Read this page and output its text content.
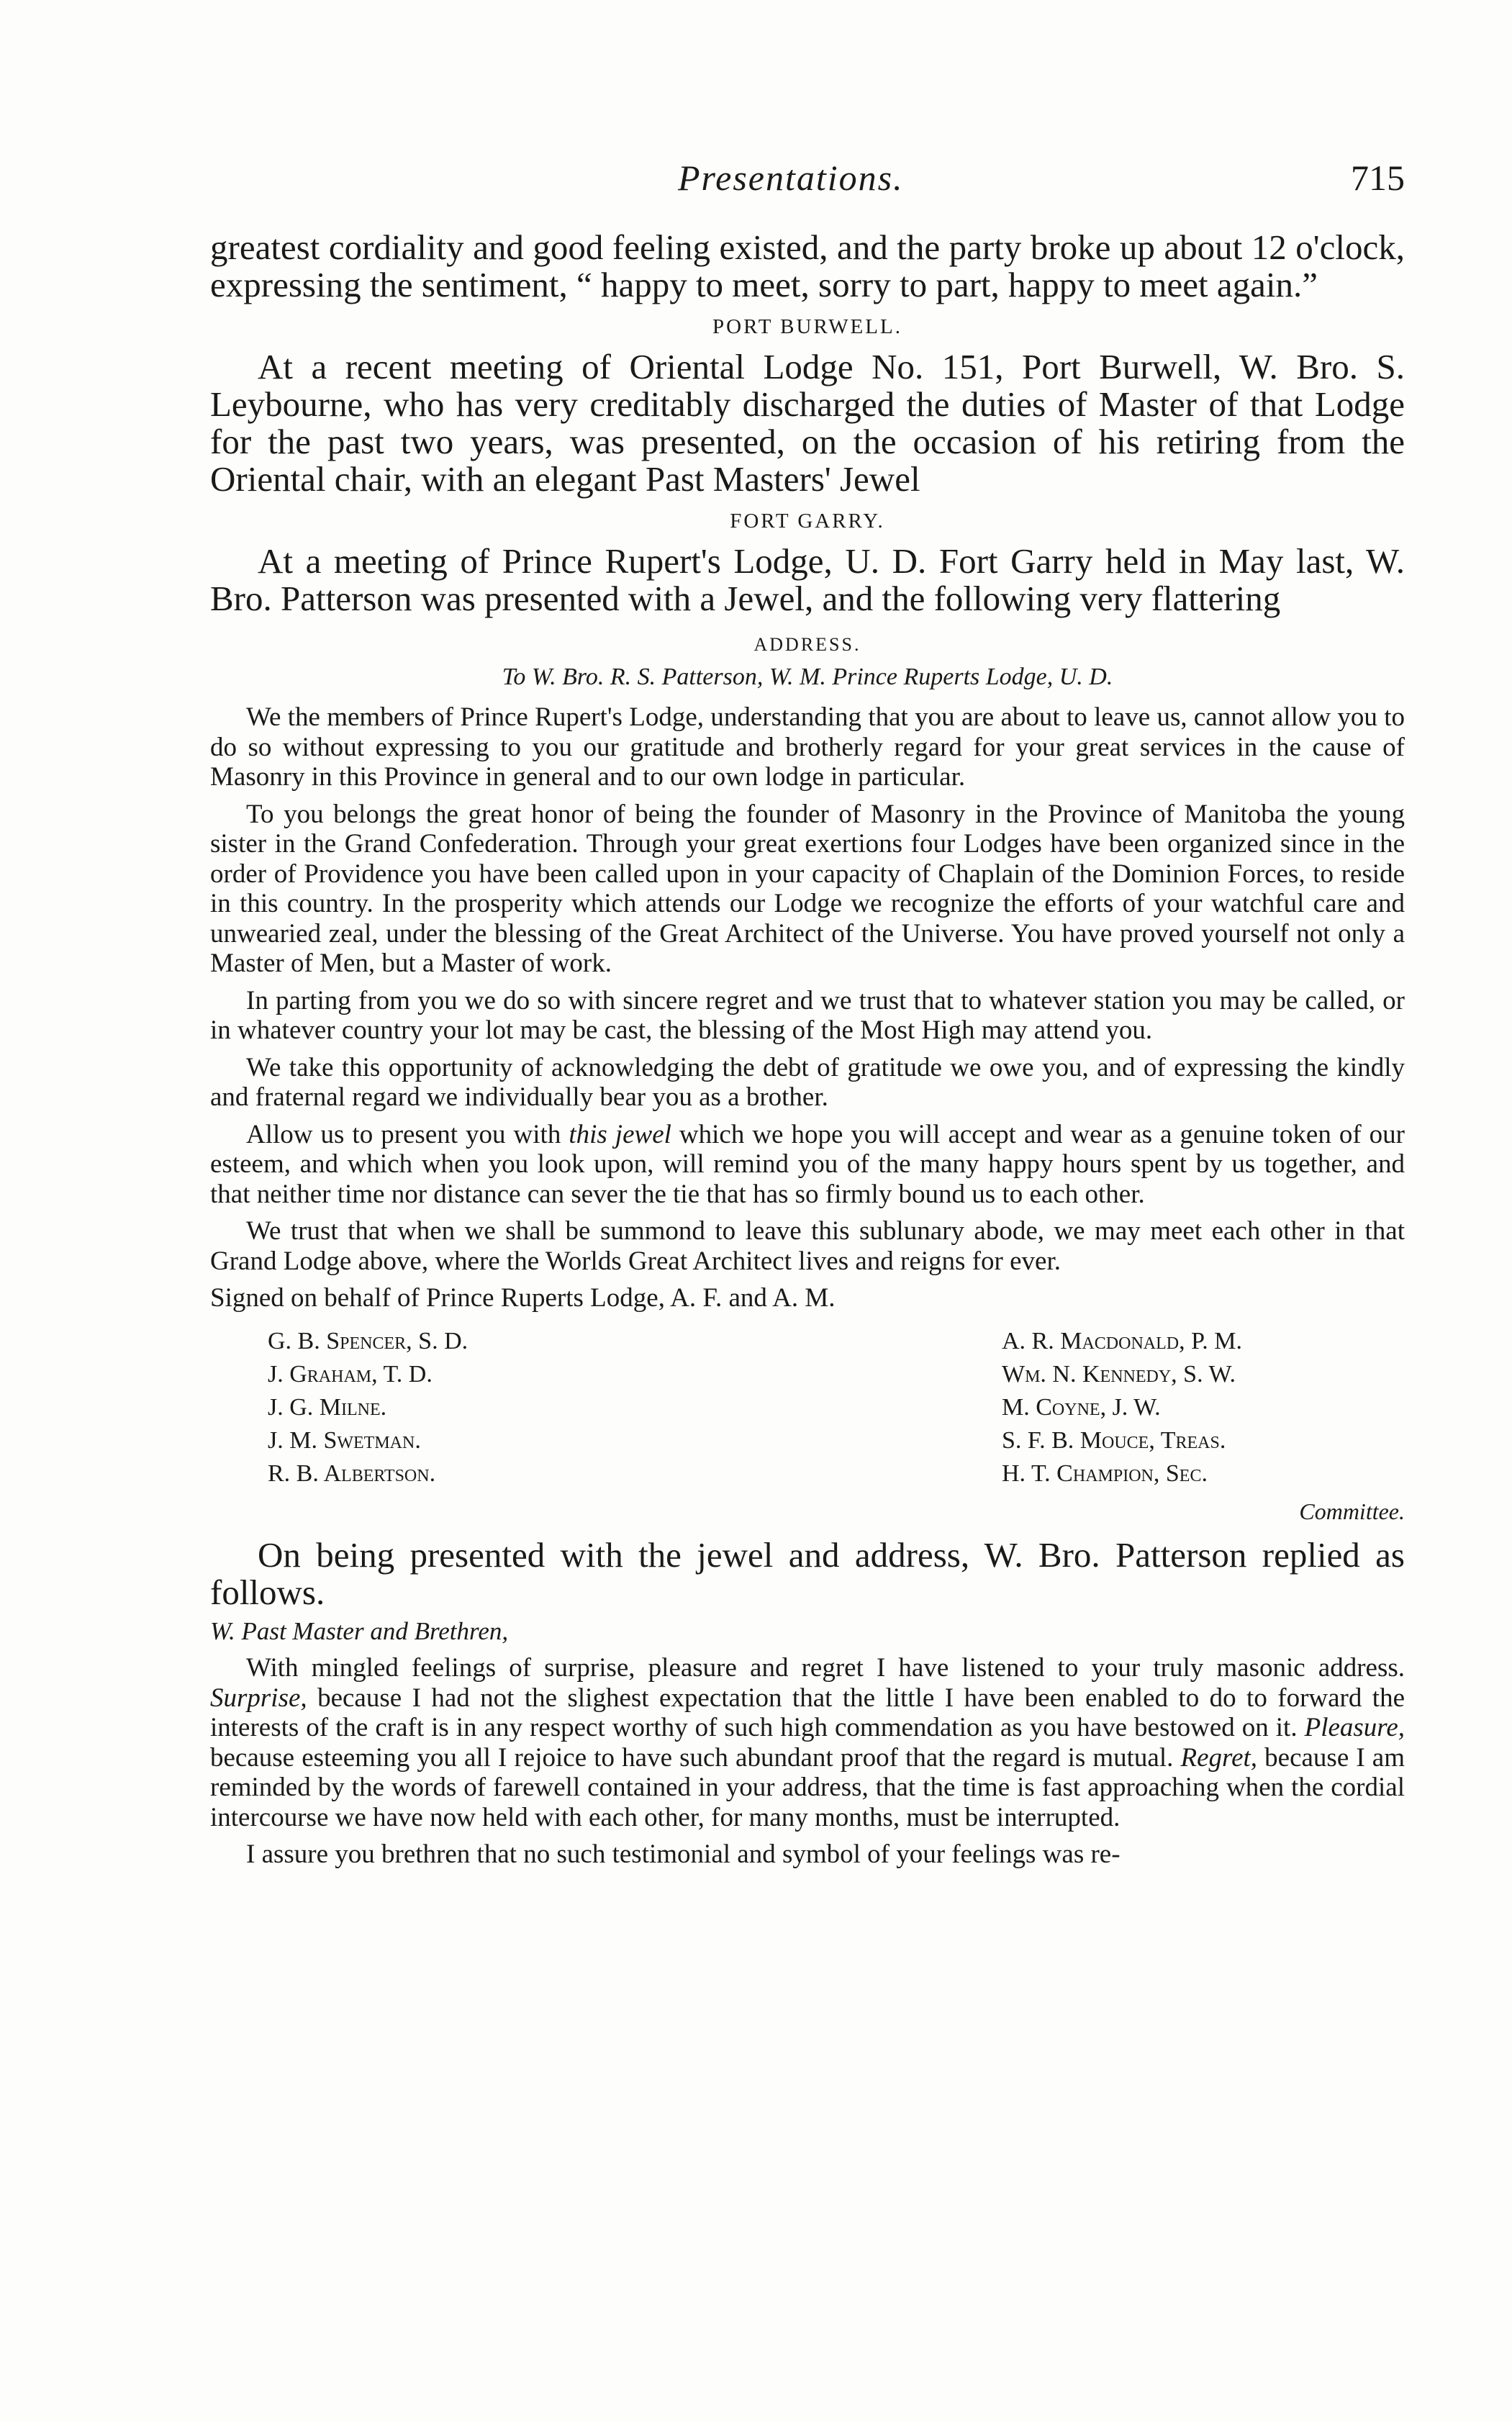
Presentations.	715

greatest cordiality and good feeling existed, and the party broke up about 12 o'clock, expressing the sentiment, “ happy to meet, sorry to part, happy to meet again.”

PORT BURWELL.

At a recent meeting of Oriental Lodge No. 151, Port Burwell, W. Bro. S. Leybourne, who has very creditably discharged the duties of Master of that Lodge for the past two years, was presented, on the occasion of his retiring from the Oriental chair, with an elegant Past Masters' Jewel

FORT GARRY.

At a meeting of Prince Rupert's Lodge, U. D. Fort Garry held in May last, W. Bro. Patterson was presented with a Jewel, and the following very flattering

ADDRESS.
To W. Bro. R. S. Patterson, W. M. Prince Ruperts Lodge, U. D.

We the members of Prince Rupert's Lodge, understanding that you are about to leave us, cannot allow you to do so without expressing to you our gratitude and brotherly regard for your great services in the cause of Masonry in this Province in general and to our own lodge in particular.

To you belongs the great honor of being the founder of Masonry in the Province of Manitoba the young sister in the Grand Confederation. Through your great exertions four Lodges have been organized since in the order of Providence you have been called upon in your capacity of Chaplain of the Dominion Forces, to reside in this country. In the prosperity which attends our Lodge we recognize the efforts of your watchful care and unwearied zeal, under the blessing of the Great Architect of the Universe. You have proved yourself not only a Master of Men, but a Master of work.

In parting from you we do so with sincere regret and we trust that to whatever station you may be called, or in whatever country your lot may be cast, the blessing of the Most High may attend you.

We take this opportunity of acknowledging the debt of gratitude we owe you, and of expressing the kindly and fraternal regard we individually bear you as a brother.

Allow us to present you with this jewel which we hope you will accept and wear as a genuine token of our esteem, and which when you look upon, will remind you of the many happy hours spent by us together, and that neither time nor distance can sever the tie that has so firmly bound us to each other.

We trust that when we shall be summond to leave this sublunary abode, we may meet each other in that Grand Lodge above, where the Worlds Great Architect lives and reigns for ever.

Signed on behalf of Prince Ruperts Lodge, A. F. and A. M.
G. B. Spencer, S. D.
J. Graham, T. D.
J. G. Milne.
J. M. Swetman.
R. B. Albertson.
A. R. Macdonald, P. M.
Wm. N. Kennedy, S. W.
M. Coyne, J. W.
S. F. B. Mouce, Treas.
H. T. Champion, Sec.
Committee.

On being presented with the jewel and address, W. Bro. Patterson replied as follows.

W. Past Master and Brethren,

With mingled feelings of surprise, pleasure and regret I have listened to your truly masonic address. Surprise, because I had not the slighest expectation that the little I have been enabled to do to forward the interests of the craft is in any respect worthy of such high commendation as you have bestowed on it. Pleasure, because esteeming you all I rejoice to have such abundant proof that the regard is mutual. Regret, because I am reminded by the words of farewell contained in your address, that the time is fast approaching when the cordial intercourse we have now held with each other, for many months, must be interrupted.

I assure you brethren that no such testimonial and symbol of your feelings was re-
